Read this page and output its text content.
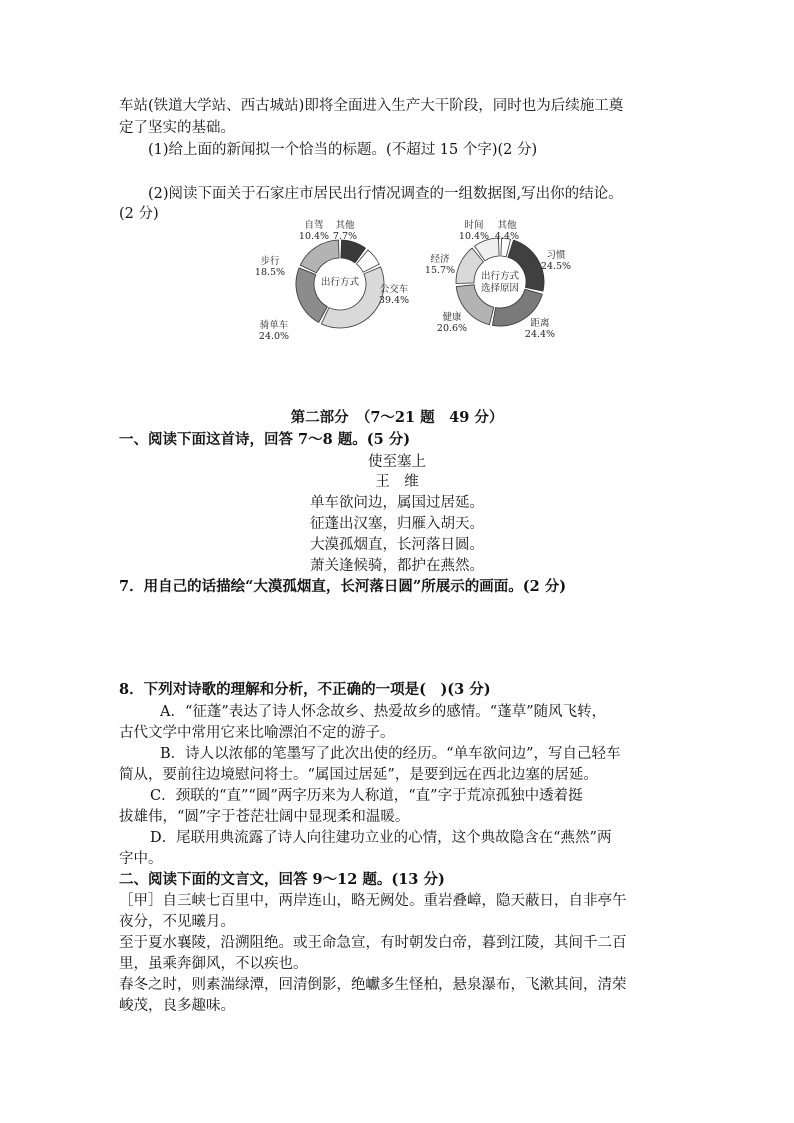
车站(铁道大学站、西古城站)即将全面进入生产大干阶段，同时也为后续施工奠
定了坚实的基础。
(1)给上面的新闻拟一个恰当的标题。(不超过 15 个字)(2 分)
(2)阅读下面关于石家庄市居民出行情况调查的一组数据图,写出你的结论。
(2 分)
出行方式
自驾
10.4%
其他
7.7%
公交车
39.4%
骑单车
24.0%
步行
18.5%	出行方式
选择原因
其他
4.4%
习惯
24.5%
距离
24.4%
健康
20.6%
经济
15.7%
时间
10.4%
第二部分　（7～21 题　49 分）
一、阅读下面这首诗，回答 7～8 题。(5 分)
使至塞上
王　维
单车欲问边，属国过居延。
征蓬出汉塞，归雁入胡天。
大漠孤烟直，长河落日圆。
萧关逢候骑，都护在燕然。
7．用自己的话描绘“大漠孤烟直，长河落日圆”所展示的画面。(2 分)
8．下列对诗歌的理解和分析，不正确的一项是(　)(3 分)
A．“征蓬”表达了诗人怀念故乡、热爱故乡的感情。“蓬草”随风飞转，
古代文学中常用它来比喻漂泊不定的游子。
B．诗人以浓郁的笔墨写了此次出使的经历。“单车欲问边”，写自己轻车
简从，要前往边境慰问将士。“属国过居延”，是要到远在西北边塞的居延。
C．颈联的“直”“圆”两字历来为人称道，“直”字于荒凉孤独中透着挺
拔雄伟，“圆”字于苍茫壮阔中显现柔和温暖。
D．尾联用典流露了诗人向往建功立业的心情，这个典故隐含在“燕然”两
字中。
二、阅读下面的文言文，回答 9～12 题。(13 分)
［甲］自三峡七百里中，两岸连山，略无阙处。重岩叠嶂，隐天蔽日，自非亭午
夜分，不见曦月。
至于夏水襄陵，沿溯阻绝。或王命急宣，有时朝发白帝，暮到江陵，其间千二百
里，虽乘奔御风，不以疾也。
春冬之时，则素湍绿潭，回清倒影，绝巘多生怪柏，悬泉瀑布，飞漱其间，清荣
峻茂，良多趣味。
